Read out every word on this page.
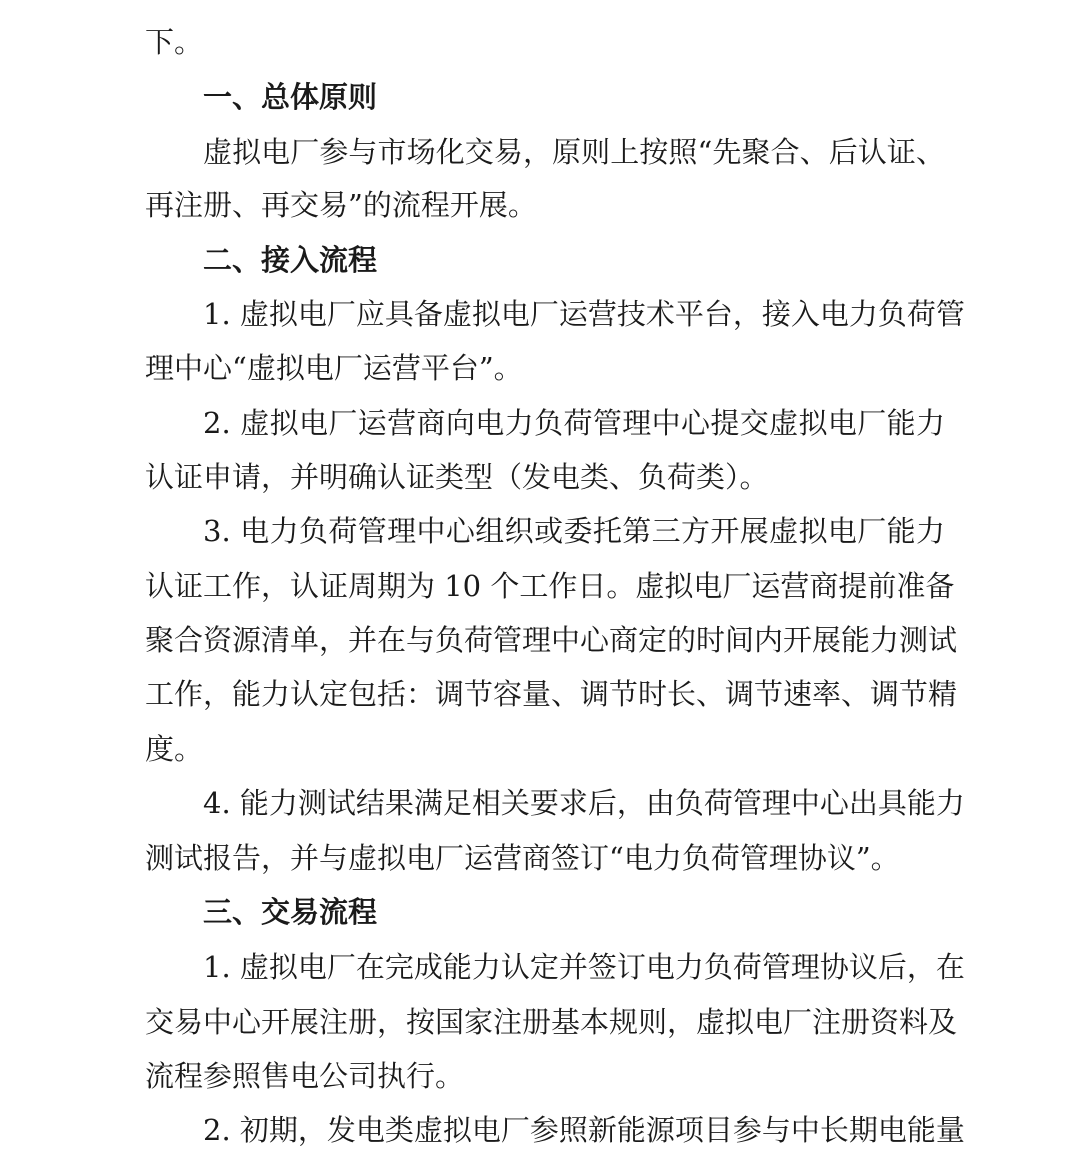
下。
一、总体原则
虚拟电厂参与市场化交易，原则上按照“先聚合、后认证、
再注册、再交易”的流程开展。
二、接入流程
1. 虚拟电厂应具备虚拟电厂运营技术平台，接入电力负荷管
理中心“虚拟电厂运营平台”。
2. 虚拟电厂运营商向电力负荷管理中心提交虚拟电厂能力
认证申请，并明确认证类型（发电类、负荷类）。
3. 电力负荷管理中心组织或委托第三方开展虚拟电厂能力
认证工作，认证周期为 10 个工作日。虚拟电厂运营商提前准备
聚合资源清单，并在与负荷管理中心商定的时间内开展能力测试
工作，能力认定包括：调节容量、调节时长、调节速率、调节精
度。
4. 能力测试结果满足相关要求后，由负荷管理中心出具能力
测试报告，并与虚拟电厂运营商签订“电力负荷管理协议”。
三、交易流程
1. 虚拟电厂在完成能力认定并签订电力负荷管理协议后，在
交易中心开展注册，按国家注册基本规则，虚拟电厂注册资料及
流程参照售电公司执行。
2. 初期，发电类虚拟电厂参照新能源项目参与中长期电能量
